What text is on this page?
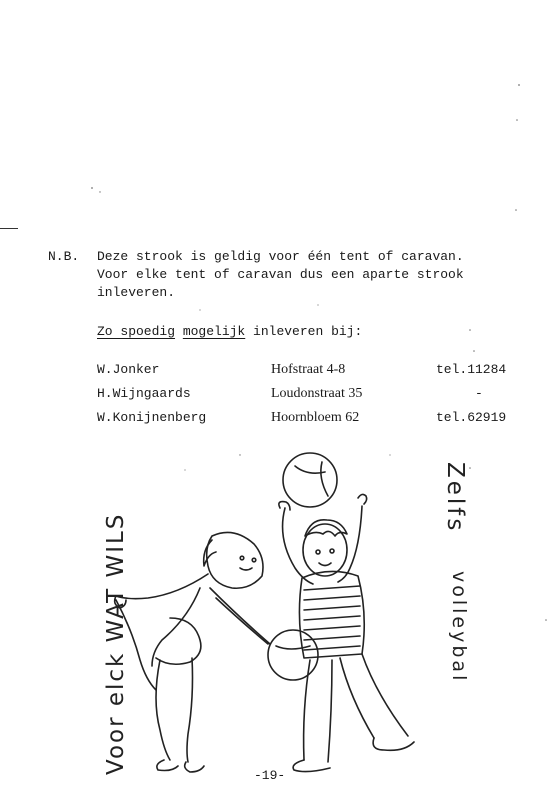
N.B.

Deze strook is geldig voor één tent of caravan.

Voor elke tent of caravan dus een aparte strook

inleveren.

Zo spoedig mogelijk inleveren bij:
W.Jonker	Hofstraat 4-8	tel.11284
H.Wijngaards	Loudonstraat 35	-
W.Konijnenberg	Hoornbloem 62	tel.62919
Voor elck WAT WILS
Zelfs
volleybal
-19-
